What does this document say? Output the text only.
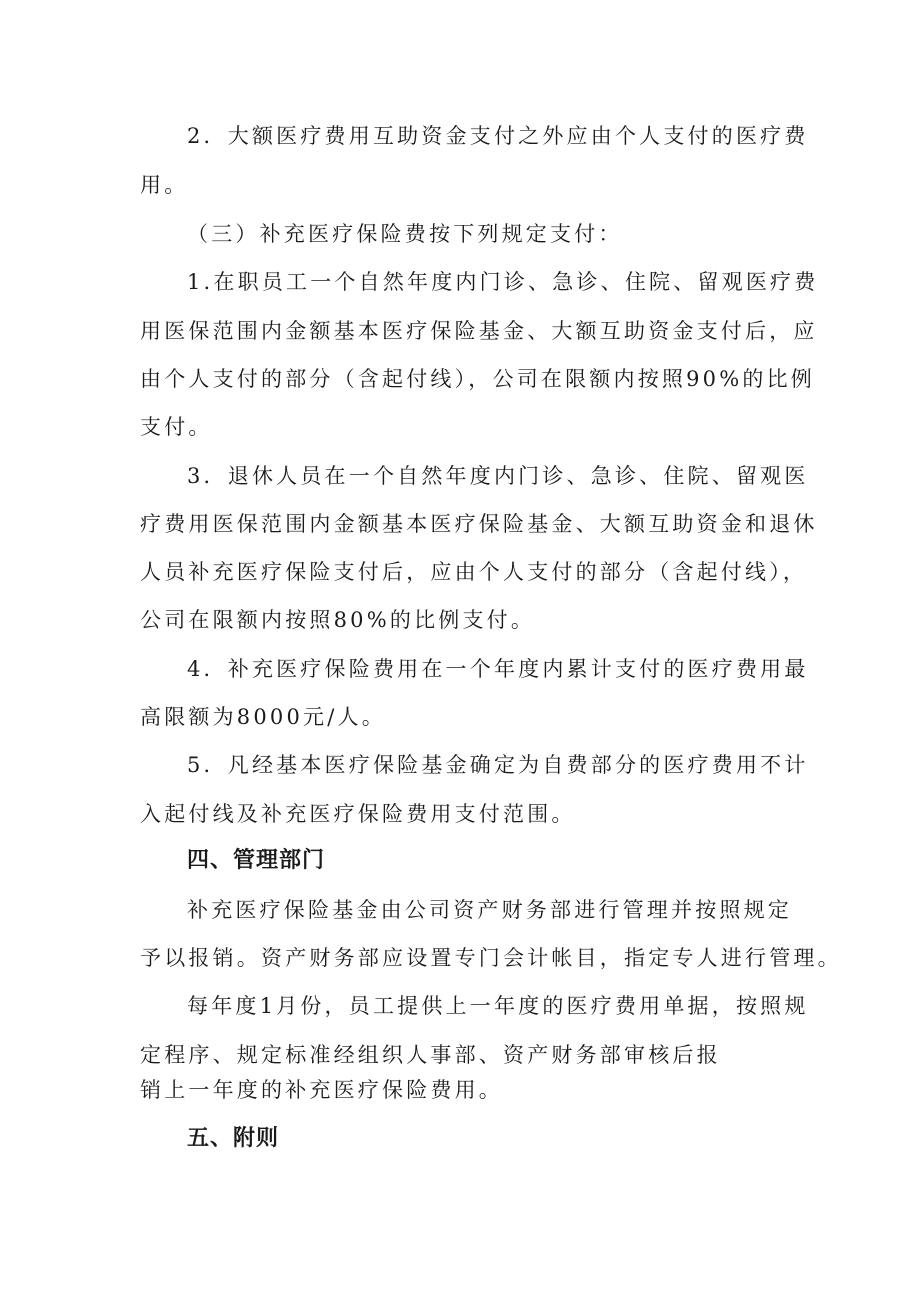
2．大额医疗费用互助资金支付之外应由个人支付的医疗费
用。
（三）补充医疗保险费按下列规定支付：
1.在职员工一个自然年度内门诊、急诊、住院、留观医疗费
用医保范围内金额基本医疗保险基金、大额互助资金支付后，应
由个人支付的部分（含起付线），公司在限额内按照90%的比例
支付。
3．退休人员在一个自然年度内门诊、急诊、住院、留观医
疗费用医保范围内金额基本医疗保险基金、大额互助资金和退休
人员补充医疗保险支付后，应由个人支付的部分（含起付线），
公司在限额内按照80%的比例支付。
4．补充医疗保险费用在一个年度内累计支付的医疗费用最
高限额为8000元/人。
5．凡经基本医疗保险基金确定为自费部分的医疗费用不计
入起付线及补充医疗保险费用支付范围。
四、管理部门
补充医疗保险基金由公司资产财务部进行管理并按照规定
予以报销。资产财务部应设置专门会计帐目，指定专人进行管理。
每年度1月份，员工提供上一年度的医疗费用单据，按照规
定程序、规定标准经组织人事部、资产财务部审核后报
销上一年度的补充医疗保险费用。
五、附则
